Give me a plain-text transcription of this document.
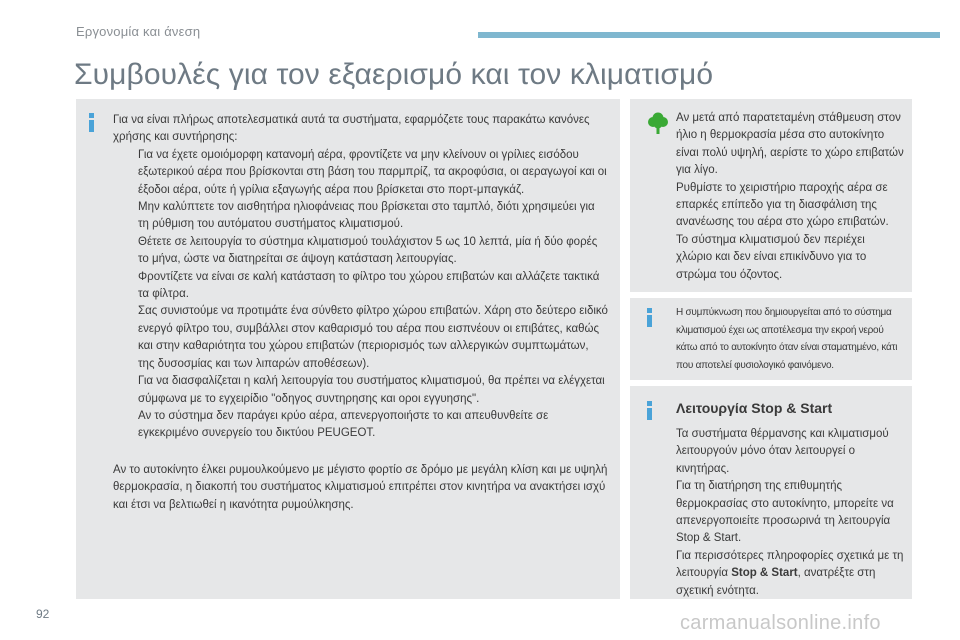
Εργονομία και άνεση
Συμβουλές για τον εξαερισμό και τον κλιματισμό

Για να είναι πλήρως αποτελεσματικά αυτά τα συστήματα, εφαρμόζετε τους παρακάτω κανόνες χρήσης και συντήρησης:

Για να έχετε ομοιόμορφη κατανομή αέρα, φροντίζετε να μην κλείνουν οι γρίλιες εισόδου εξωτερικού αέρα που βρίσκονται στη βάση του παρμπρίζ, τα ακροφύσια, οι αεραγωγοί και οι έξοδοι αέρα, ούτε ή γρίλια εξαγωγής αέρα που βρίσκεται στο πορτ-μπαγκάζ.
Μην καλύπτετε τον αισθητήρα ηλιοφάνειας που βρίσκεται στο ταμπλό, διότι χρησιμεύει για τη ρύθμιση του αυτόματου συστήματος κλιματισμού.
Θέτετε σε λειτουργία το σύστημα κλιματισμού τουλάχιστον 5 ως 10 λεπτά, μία ή δύο φορές το μήνα, ώστε να διατηρείται σε άψογη κατάσταση λειτουργίας.
Φροντίζετε να είναι σε καλή κατάσταση το φίλτρο του χώρου επιβατών και αλλάζετε τακτικά τα φίλτρα.
Σας συνιστούμε να προτιμάτε ένα σύνθετο φίλτρο χώρου επιβατών. Χάρη στο δεύτερο ειδικό ενεργό φίλτρο του, συμβάλλει στον καθαρισμό του αέρα που εισπνέουν οι επιβάτες, καθώς και στην καθαριότητα του χώρου επιβατών (περιορισμός των αλλεργικών συμπτωμάτων, της δυσοσμίας και των λιπαρών αποθέσεων).
Για να διασφαλίζεται η καλή λειτουργία του συστήματος κλιματισμού, θα πρέπει να ελέγχεται σύμφωνα με το εγχειρίδιο "οδηγος συντηρησης και οροι εγγυησης".
Αν το σύστημα δεν παράγει κρύο αέρα, απενεργοποιήστε το και απευθυνθείτε σε εγκεκριμένο συνεργείο του δικτύου PEUGEOT.

Αν το αυτοκίνητο έλκει ρυμουλκούμενο με μέγιστο φορτίο σε δρόμο με μεγάλη κλίση και με υψηλή θερμοκρασία, η διακοπή του συστήματος κλιματισμού επιτρέπει στον κινητήρα να ανακτήσει ισχύ και έτσι να βελτιωθεί η ικανότητα ρυμούλκησης.

Αν μετά από παρατεταμένη στάθμευση στον ήλιο η θερμοκρασία μέσα στο αυτοκίνητο είναι πολύ υψηλή, αερίστε το χώρο επιβατών για λίγο.

Ρυθμίστε το χειριστήριο παροχής αέρα σε επαρκές επίπεδο για τη διασφάλιση της ανανέωσης του αέρα στο χώρο επιβατών.

Το σύστημα κλιματισμού δεν περιέχει χλώριο και δεν είναι επικίνδυνο για το στρώμα του όζοντος.

Η συμπύκνωση που δημιουργείται από το σύστημα κλιματισμού έχει ως αποτέλεσμα την εκροή νερού κάτω από το αυτοκίνητο όταν είναι σταματημένο, κάτι που αποτελεί φυσιολογικό φαινόμενο.

Λειτουργία Stop & Start

Τα συστήματα θέρμανσης και κλιματισμού λειτουργούν μόνο όταν λειτουργεί ο κινητήρας.

Για τη διατήρηση της επιθυμητής θερμοκρασίας στο αυτοκίνητο, μπορείτε να απενεργοποιείτε προσωρινά τη λειτουργία Stop & Start.

Για περισσότερες πληροφορίες σχετικά με τη λειτουργία Stop & Start, ανατρέξτε στη σχετική ενότητα.

92	carmanualsonline.info
